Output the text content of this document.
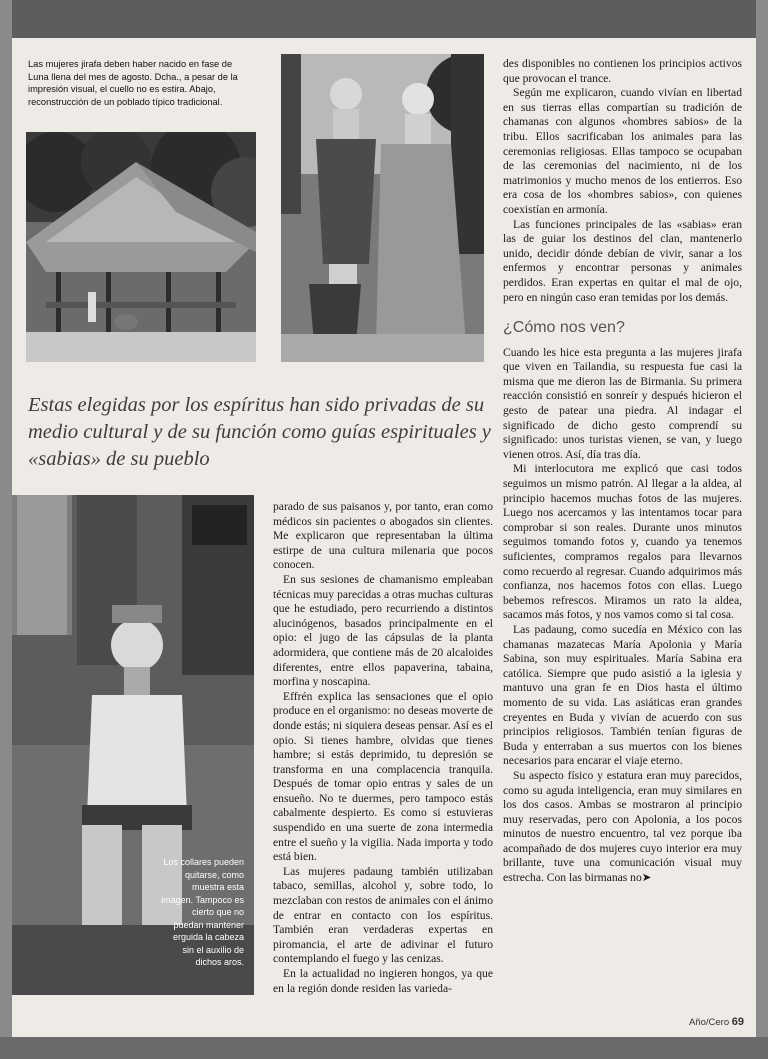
Las mujeres jirafa deben haber nacido en fase de Luna llena del mes de agosto. Dcha., a pesar de la impresión visual, el cuello no es estira. Abajo, reconstrucción de un poblado típico tradicional.

des disponibles no contienen los principios activos que provocan el trance.

Según me explicaron, cuando vivían en libertad en sus tierras ellas compartían su tradición de chamanas con algunos «hombres sabios» de la tribu. Ellos sacrificaban los animales para las ceremonias religiosas. Ellas tampoco se ocupaban de las ceremonias del nacimiento, ni de los matrimonios y mucho menos de los entierros. Eso era cosa de los «hombres sabios», con quienes coexistían en armonía.

Las funciones principales de las «sabias» eran las de guiar los destinos del clan, mantenerlo unido, decidir dónde debían de vivir, sanar a los enfermos y encontrar personas y animales perdidos. Eran expertas en quitar el mal de ojo, pero en ningún caso eran temidas por los demás.

¿Cómo nos ven?

Cuando les hice esta pregunta a las mujeres jirafa que viven en Tailandia, su respuesta fue casi la misma que me dieron las de Birmania. Su primera reacción consistió en sonreír y después hicieron el gesto de patear una piedra. Al indagar el significado de dicho gesto comprendí su significado: unos turistas vienen, se van, y luego vienen otros. Así, día tras día.

Mi interlocutora me explicó que casi todos seguimos un mismo patrón. Al llegar a la aldea, al principio hacemos muchas fotos de las mujeres. Luego nos acercamos y las intentamos tocar para comprobar si son reales. Durante unos minutos seguimos tomando fotos y, cuando ya tenemos suficientes, compramos regalos para llevarnos como recuerdo al regresar. Cuando adquirimos más confianza, nos hacemos fotos con ellas. Luego bebemos refrescos. Miramos un rato la aldea, sacamos más fotos, y nos vamos como si tal cosa.

Las padaung, como sucedía en México con las chamanas mazatecas María Apolonia y María Sabina, son muy espirituales. María Sabina era católica. Siempre que pudo asistió a la iglesia y mantuvo una gran fe en Dios hasta el último momento de su vida. Las asiáticas eran grandes creyentes en Buda y vivían de acuerdo con sus principios religiosos. También tenían figuras de Buda y enterraban a sus muertos con los bienes necesarios para encarar el viaje eterno.

Su aspecto físico y estatura eran muy parecidos, como su aguda inteligencia, eran muy similares en los dos casos. Ambas se mostraron al principio muy reservadas, pero con Apolonia, a los pocos minutos de nuestro encuentro, tal vez porque iba acompañado de dos mujeres cuyo interior era muy brillante, tuve una comunicación visual muy estrecha. Con las birmanas no➤

Estas elegidas por los espíritus han sido privadas de su medio cultural y de su función como guías espirituales y «sabias» de su pueblo
Los collares pueden quitarse, como muestra esta imagen. Tampoco es cierto que no puedan mantener erguida la cabeza sin el auxilio de dichos aros.

parado de sus paisanos y, por tanto, eran como médicos sin pacientes o abogados sin clientes. Me explicaron que representaban la última estirpe de una cultura milenaria que pocos conocen.

En sus sesiones de chamanismo empleaban técnicas muy parecidas a otras muchas culturas que he estudiado, pero recurriendo a distintos alucinógenos, basados principalmente en el opio: el jugo de las cápsulas de la planta adormidera, que contiene más de 20 alcaloides diferentes, entre ellos papaverina, tabaina, morfina y noscapina.

Effrén explica las sensaciones que el opio produce en el organismo: no deseas moverte de donde estás; ni siquiera deseas pensar. Así es el opio. Si tienes hambre, olvidas que tienes hambre; si estás deprimido, tu depresión se transforma en una complacencia tranquila. Después de tomar opio entras y sales de un ensueño. No te duermes, pero tampoco estás cabalmente despierto. Es como si estuvieras suspendido en una suerte de zona intermedia entre el sueño y la vigilia. Nada importa y todo está bien.

Las mujeres padaung también utilizaban tabaco, semillas, alcohol y, sobre todo, lo mezclaban con restos de animales con el ánimo de entrar en contacto con los espíritus. También eran verdaderas expertas en piromancia, el arte de adivinar el futuro contemplando el fuego y las cenizas.

En la actualidad no ingieren hongos, ya que en la región donde residen las varieda-

Año/Cero 69
